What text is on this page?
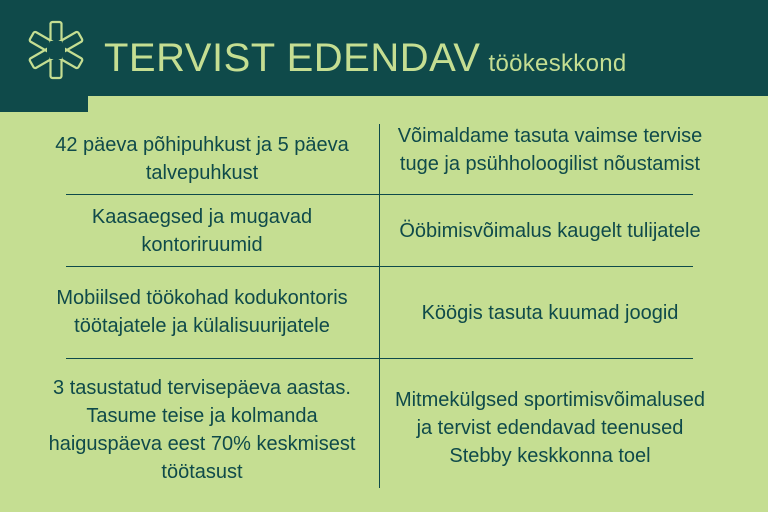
TERVIST EDENDAV töökeskkond
42 päeva põhipuhkust ja 5 päeva talvepuhkust
Kaasaegsed ja mugavad kontoriruumid
Mobiilsed töökohad kodukontoris töötajatele ja külalisuurijatele
3 tasustatud tervisepäeva aastas. Tasume teise ja kolmanda haiguspäeva eest 70% keskmisest töötasust
Võimaldame tasuta vaimse tervise tuge ja psühholoogilist nõustamist
Ööbimisvõimalus kaugelt tulijatele
Köögis tasuta kuumad joogid
Mitmekülgsed sportimisvõimalused ja tervist edendavad teenused Stebby keskkonna toel
